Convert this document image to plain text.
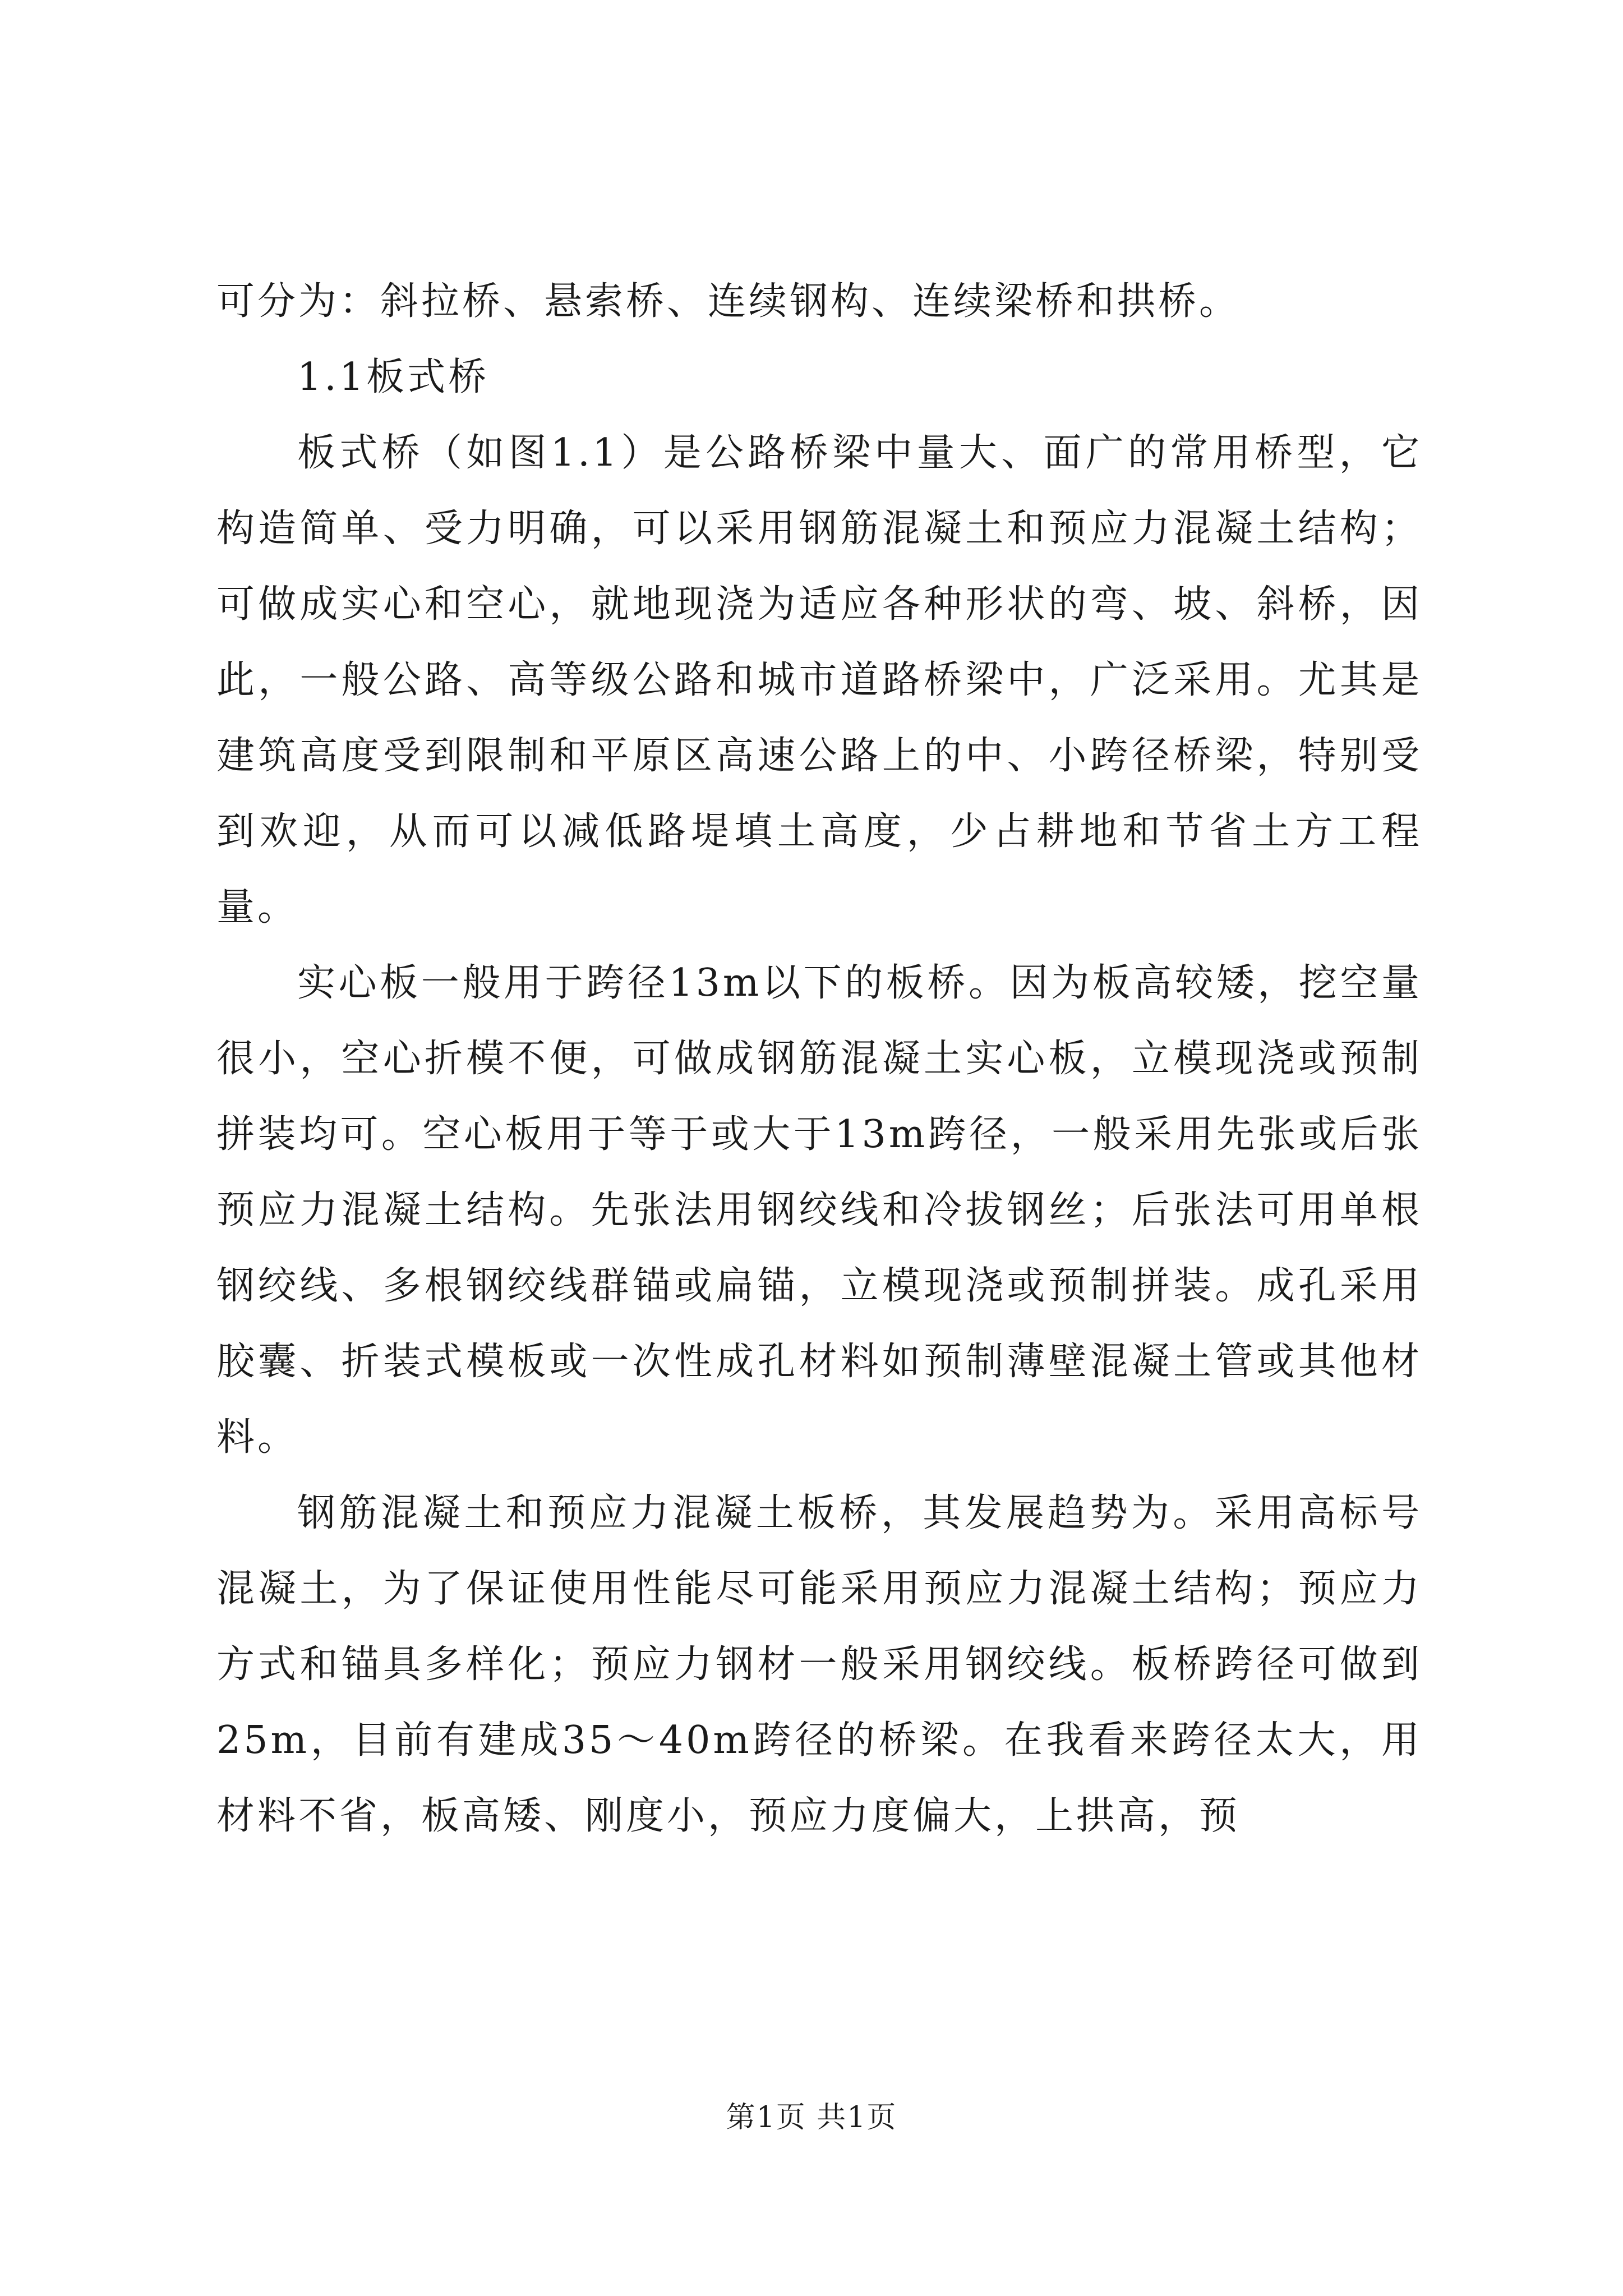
可分为：斜拉桥、悬索桥、连续钢构、连续梁桥和拱桥。

1.1板式桥

板式桥（如图1.1）是公路桥梁中量大、面广的常用桥型，它构造简单、受力明确，可以采用钢筋混凝土和预应力混凝土结构；可做成实心和空心，就地现浇为适应各种形状的弯、坡、斜桥，因此，一般公路、高等级公路和城市道路桥梁中，广泛采用。尤其是建筑高度受到限制和平原区高速公路上的中、小跨径桥梁，特别受到欢迎，从而可以减低路堤填土高度，少占耕地和节省土方工程量。

实心板一般用于跨径13m以下的板桥。因为板高较矮，挖空量很小，空心折模不便，可做成钢筋混凝土实心板，立模现浇或预制拼装均可。空心板用于等于或大于13m跨径，一般采用先张或后张预应力混凝土结构。先张法用钢绞线和冷拔钢丝；后张法可用单根钢绞线、多根钢绞线群锚或扁锚，立模现浇或预制拼装。成孔采用胶囊、折装式模板或一次性成孔材料如预制薄壁混凝土管或其他材料。

钢筋混凝土和预应力混凝土板桥，其发展趋势为。采用高标号混凝土，为了保证使用性能尽可能采用预应力混凝土结构；预应力方式和锚具多样化；预应力钢材一般采用钢绞线。板桥跨径可做到25m，目前有建成35～40m跨径的桥梁。在我看来跨径太大，用材料不省，板高矮、刚度小，预应力度偏大，上拱高，预

第1页 共1页
